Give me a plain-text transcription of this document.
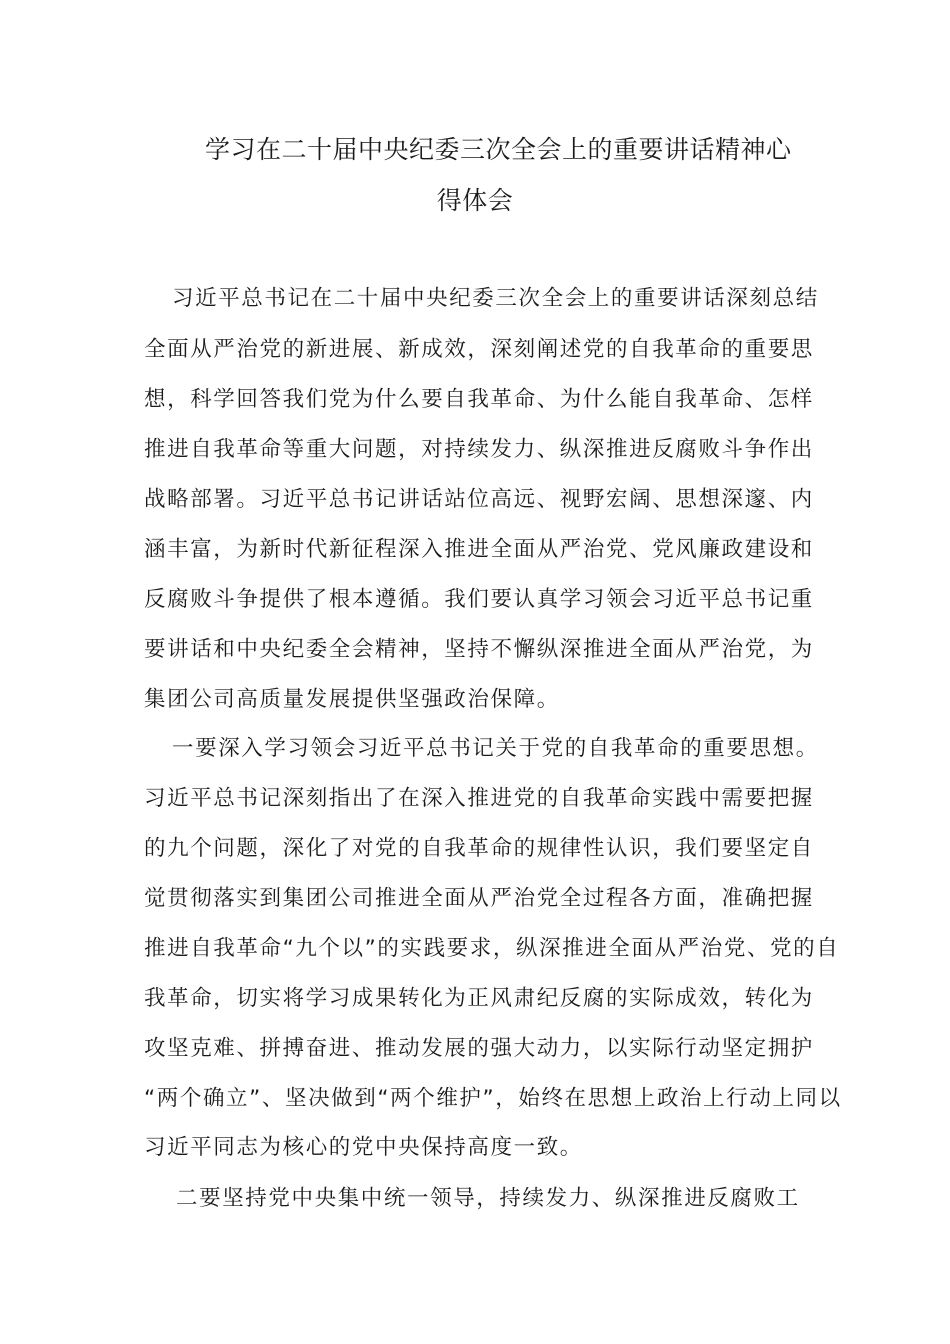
学习在二十届中央纪委三次全会上的重要讲话精神心
得体会
习近平总书记在二十届中央纪委三次全会上的重要讲话深刻总结
全面从严治党的新进展、新成效，深刻阐述党的自我革命的重要思
想，科学回答我们党为什么要自我革命、为什么能自我革命、怎样
推进自我革命等重大问题，对持续发力、纵深推进反腐败斗争作出
战略部署。习近平总书记讲话站位高远、视野宏阔、思想深邃、内
涵丰富，为新时代新征程深入推进全面从严治党、党风廉政建设和
反腐败斗争提供了根本遵循。我们要认真学习领会习近平总书记重
要讲话和中央纪委全会精神，坚持不懈纵深推进全面从严治党，为
集团公司高质量发展提供坚强政治保障。
一要深入学习领会习近平总书记关于党的自我革命的重要思想。
习近平总书记深刻指出了在深入推进党的自我革命实践中需要把握
的九个问题，深化了对党的自我革命的规律性认识，我们要坚定自
觉贯彻落实到集团公司推进全面从严治党全过程各方面，准确把握
推进自我革命“九个以”的实践要求，纵深推进全面从严治党、党的自
我革命，切实将学习成果转化为正风肃纪反腐的实际成效，转化为
攻坚克难、拼搏奋进、推动发展的强大动力，以实际行动坚定拥护
“两个确立”、坚决做到“两个维护”，始终在思想上政治上行动上同以
习近平同志为核心的党中央保持高度一致。
二要坚持党中央集中统一领导，持续发力、纵深推进反腐败工
